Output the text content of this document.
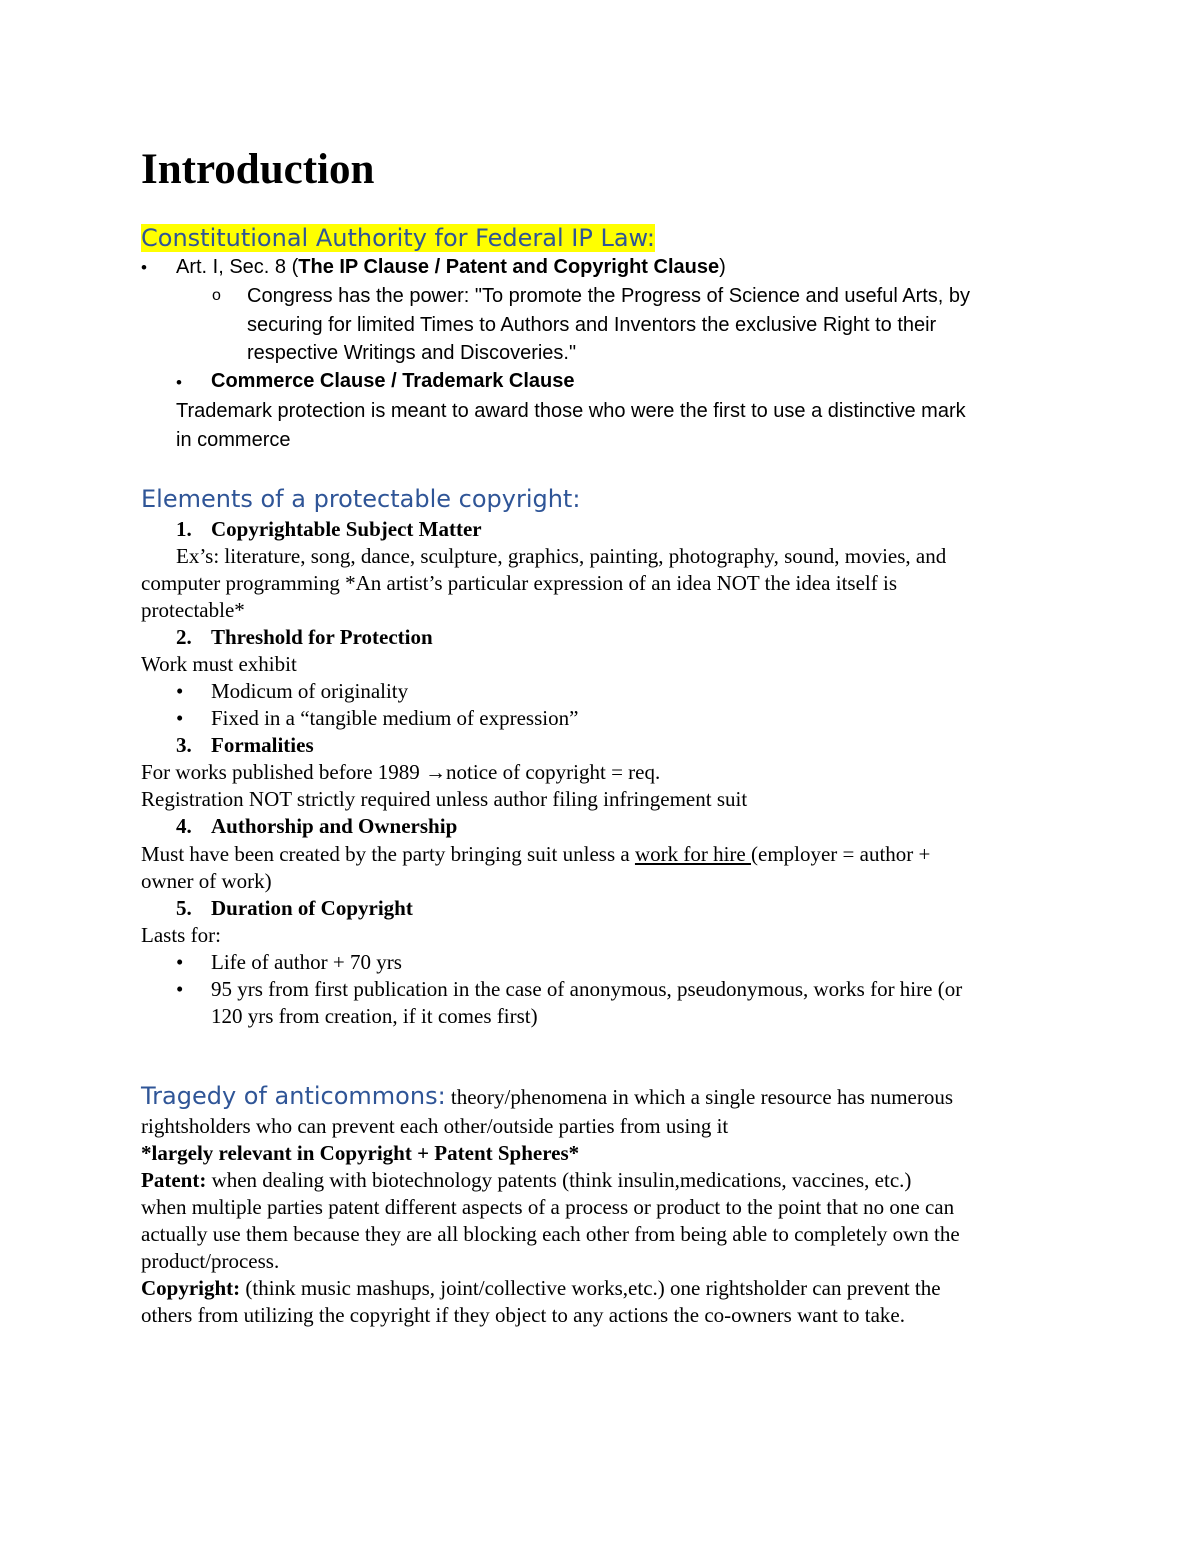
Introduction
Constitutional Authority for Federal IP Law:
• Art. I, Sec. 8 (The IP Clause / Patent and Copyright Clause)
o Congress has the power: "To promote the Progress of Science and useful Arts, by
securing for limited Times to Authors and Inventors the exclusive Right to their
respective Writings and Discoveries."
• Commerce Clause / Trademark Clause
Trademark protection is meant to award those who were the first to use a distinctive mark
in commerce
Elements of a protectable copyright:
1. Copyrightable Subject Matter
Ex’s: literature, song, dance, sculpture, graphics, painting, photography, sound, movies, and
computer programming *An artist’s particular expression of an idea NOT the idea itself is
protectable*
2. Threshold for Protection
Work must exhibit
• Modicum of originality
• Fixed in a “tangible medium of expression”
3. Formalities
For works published before 1989 →notice of copyright = req.
Registration NOT strictly required unless author filing infringement suit
4. Authorship and Ownership
Must have been created by the party bringing suit unless a work for hire (employer = author +
owner of work)
5. Duration of Copyright
Lasts for:
• Life of author + 70 yrs
• 95 yrs from first publication in the case of anonymous, pseudonymous, works for hire (or
120 yrs from creation, if it comes first)
Tragedy of anticommons: theory/phenomena in which a single resource has numerous
rightsholders who can prevent each other/outside parties from using it
*largely relevant in Copyright + Patent Spheres*
Patent: when dealing with biotechnology patents (think insulin,medications, vaccines, etc.)
when multiple parties patent different aspects of a process or product to the point that no one can
actually use them because they are all blocking each other from being able to completely own the
product/process.
Copyright: (think music mashups, joint/collective works,etc.) one rightsholder can prevent the
others from utilizing the copyright if they object to any actions the co-owners want to take.
